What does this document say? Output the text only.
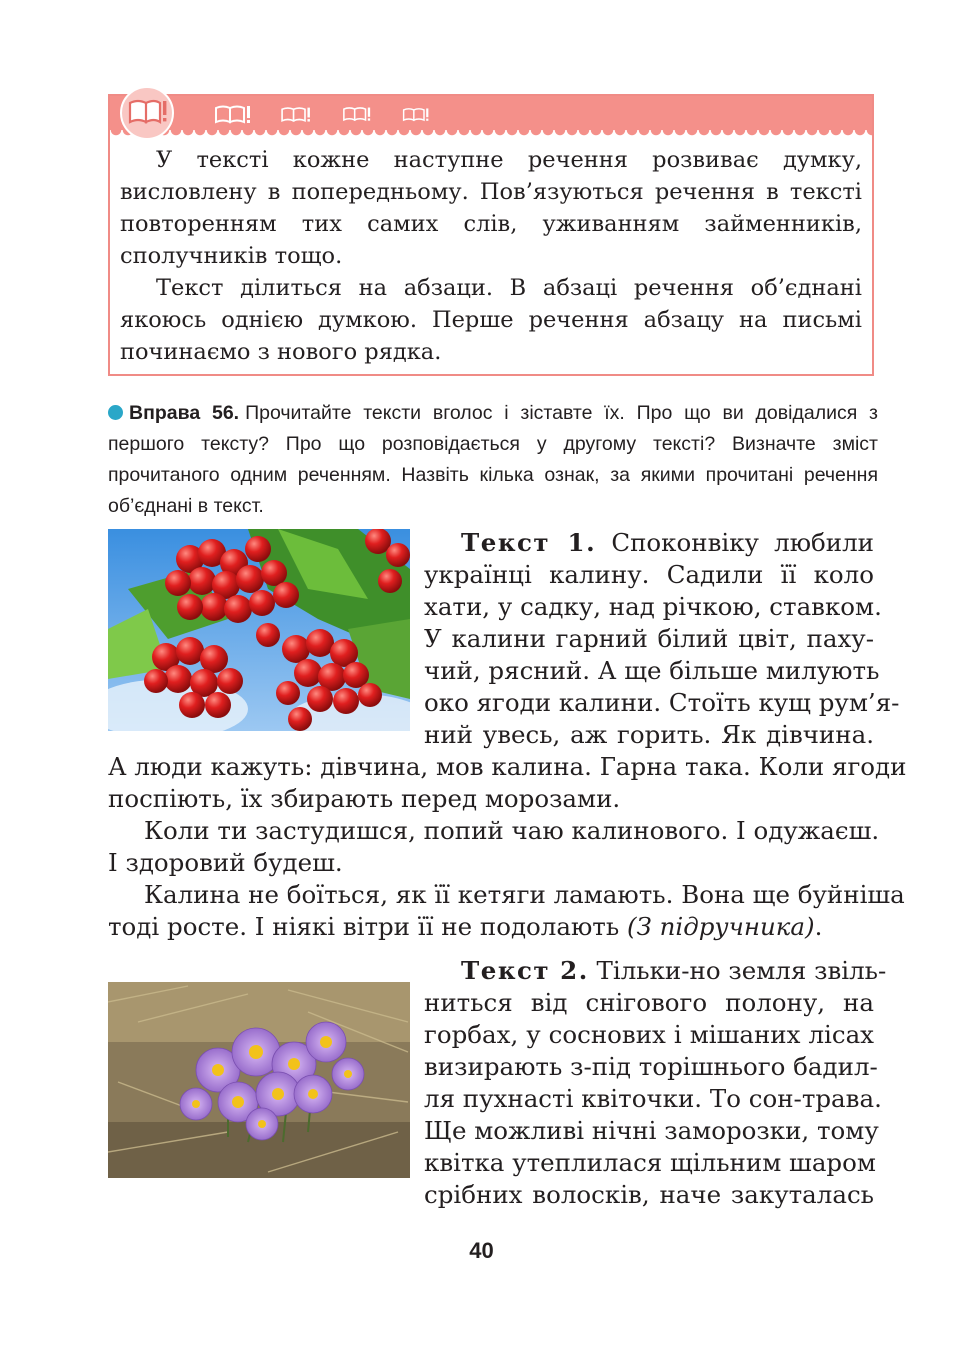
У тексті кожне наступне речення розвиває думку, висловлену в попередньому. Пов’язуються речення в тексті повторенням тих самих слів, уживанням займенників, сполучників тощо.

Текст ділиться на абзаци. В абзаці речення об’єднані якоюсь однією думкою. Перше речення абзацу на письмі починаємо з нового рядка.

Вправа 56. Прочитайте тексти вголос і зіставте їх. Про що ви довідалися з першого тексту? Про що розповідається у другому тексті? Визначте зміст прочитаного одним реченням. Назвіть кілька ознак, за якими прочитані речення об’єднані в текст.
Текст 1. Споконвіку любили
українці калину. Садили її коло
хати, у садку, над річкою, ставком.
У калини гарний білий цвіт, паху-
чий, рясний. А ще більше милують
око ягоди калини. Стоїть кущ рум’я-
ний увесь, аж горить. Як дівчина.
А люди кажуть: дівчина, мов калина. Гарна така. Коли ягоди
поспіють, їх збирають перед морозами.
Коли ти застудишся, попий чаю калинового. І одужаєш.
І здоровий будеш.
Калина не боїться, як її кетяги ламають. Вона ще буйніша
тоді росте. І ніякі вітри її не подолають (З підручника).
Текст 2. Тільки-но земля звіль-
ниться від снігового полону, на
горбах, у соснових і мішаних лісах
визирають з-під торішнього бадил-
ля пухнасті квіточки. То сон-трава.
Ще можливі нічні заморозки, тому
квітка утеплилася щільним шаром
срібних волосків, наче закуталась
40
